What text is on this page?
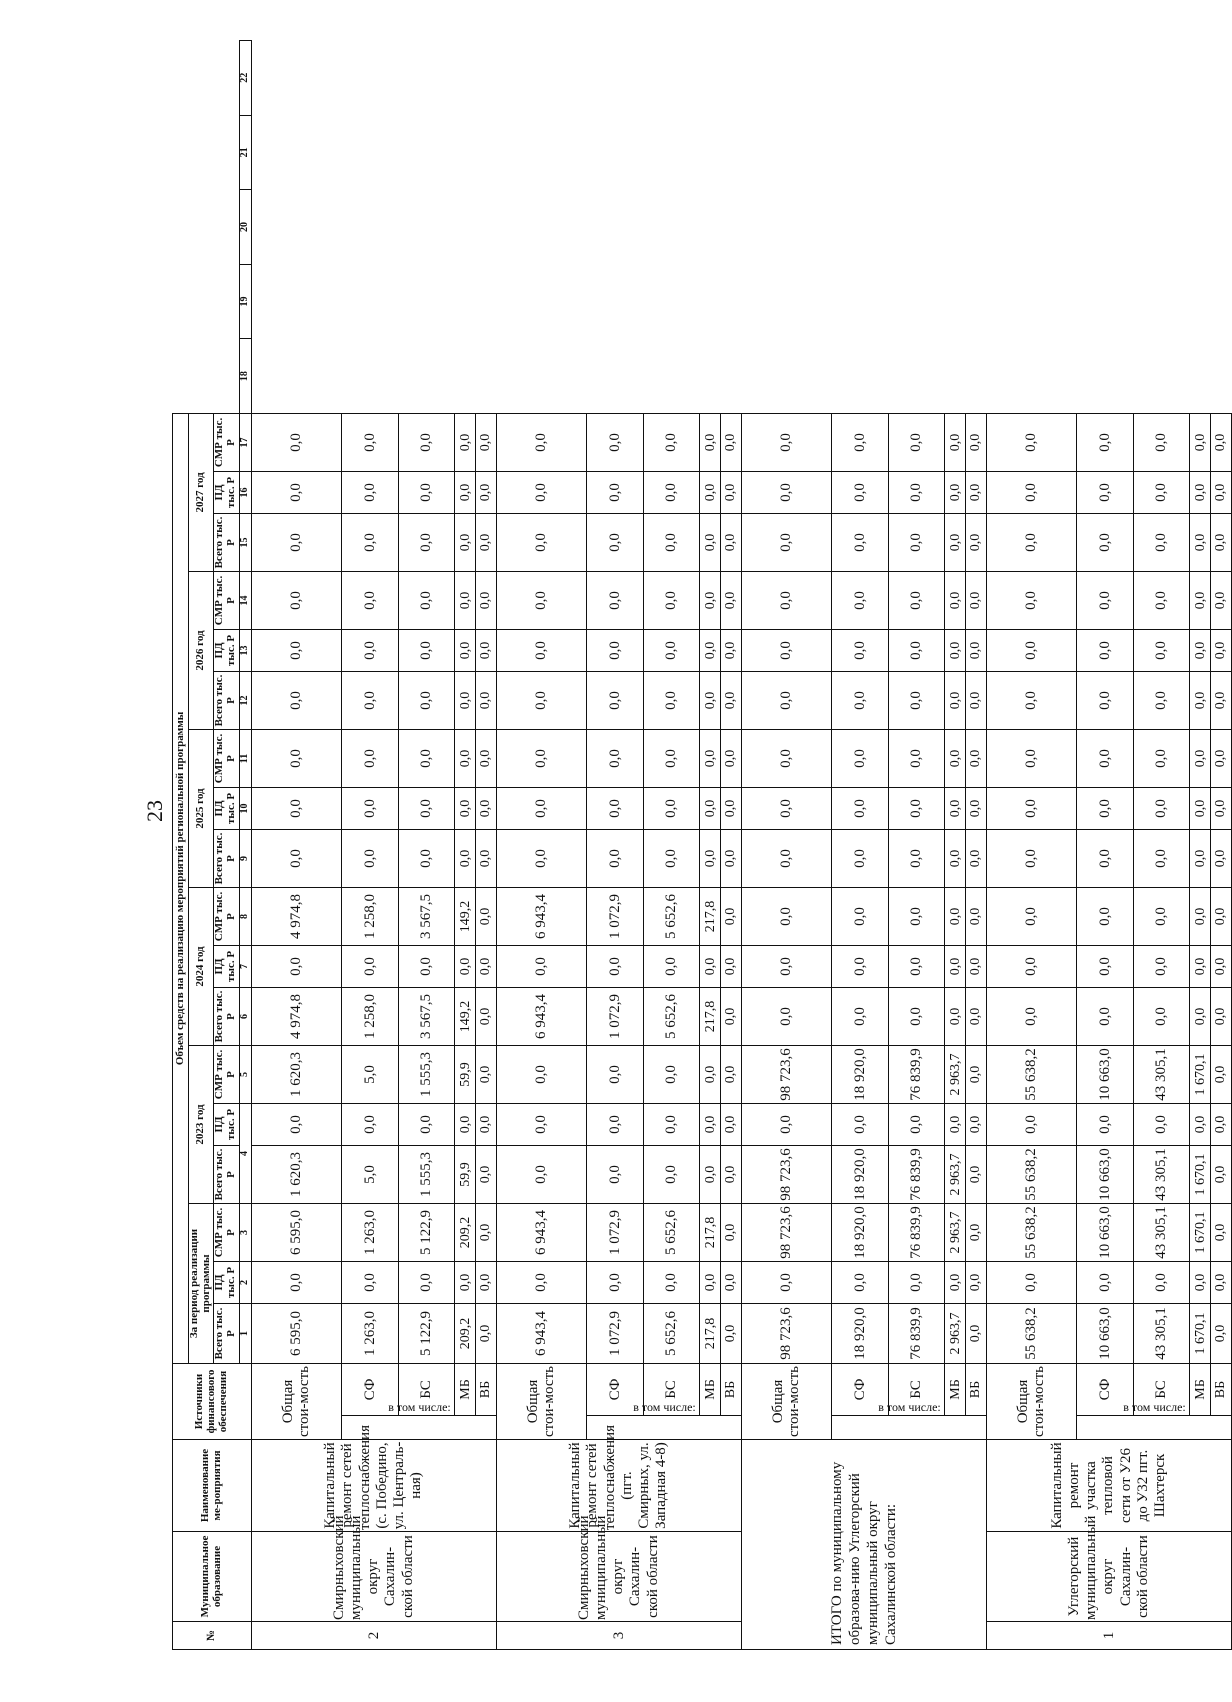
23
№	Муниципальное образование	Наименование ме-роприятия	Источники финансового обеспечения		Объем средств на реализацию мероприятий региональной программы																						
					За период реализации программы			2023 год			2024 год			2025 год			2026 год			2027 год							
					Всего тыс. Р	ПД тыс. Р	СМР тыс. Р	Всего тыс. Р	ПД тыс. Р	СМР тыс. Р	Всего тыс. Р	ПД тыс. Р	СМР тыс. Р	Всего тыс. Р	ПД тыс. Р	СМР тыс. Р	Всего тыс. Р	ПД тыс. Р	СМР тыс. Р	Всего тыс. Р	ПД тыс. Р	СМР тыс. Р					
					1	2	3	4		5	6	7	8	9	10	11	12	13	14	15	16	17	18	19	20	21	22
2	Смирныховский муниципальный округ Сахалин-ской области	Капитальный ремонт сетей теплоснабжения (с. Победино, ул. Централь-ная)	Общая стои-мость		6 595,0	0,0	6 595,0	1 620,3	0,0	1 620,3	4 974,8	0,0	4 974,8	0,0	0,0	0,0	0,0	0,0	0,0	0,0	0,0	0,0					
			в том числе:	СФ	1 263,0	0,0	1 263,0	5,0	0,0	5,0	1 258,0	0,0	1 258,0	0,0	0,0	0,0	0,0	0,0	0,0	0,0	0,0	0,0					
				БС	5 122,9	0,0	5 122,9	1 555,3	0,0	1 555,3	3 567,5	0,0	3 567,5	0,0	0,0	0,0	0,0	0,0	0,0	0,0	0,0	0,0					
				МБ	209,2	0,0	209,2	59,9	0,0	59,9	149,2	0,0	149,2	0,0	0,0	0,0	0,0	0,0	0,0	0,0	0,0	0,0					
				ВБ	0,0	0,0	0,0	0,0	0,0	0,0	0,0	0,0	0,0	0,0	0,0	0,0	0,0	0,0	0,0	0,0	0,0	0,0					
3	Смирныховский муниципальный округ Сахалин-ской области	Капитальный ремонт сетей теплоснабжения (пгт. Смирных, ул. Западная 4-8)	Общая стои-мость		6 943,4	0,0	6 943,4	0,0	0,0	0,0	6 943,4	0,0	6 943,4	0,0	0,0	0,0	0,0	0,0	0,0	0,0	0,0	0,0					
			в том числе:	СФ	1 072,9	0,0	1 072,9	0,0	0,0	0,0	1 072,9	0,0	1 072,9	0,0	0,0	0,0	0,0	0,0	0,0	0,0	0,0	0,0					
				БС	5 652,6	0,0	5 652,6	0,0	0,0	0,0	5 652,6	0,0	5 652,6	0,0	0,0	0,0	0,0	0,0	0,0	0,0	0,0	0,0					
				МБ	217,8	0,0	217,8	0,0	0,0	0,0	217,8	0,0	217,8	0,0	0,0	0,0	0,0	0,0	0,0	0,0	0,0	0,0					
				ВБ	0,0	0,0	0,0	0,0	0,0	0,0	0,0	0,0	0,0	0,0	0,0	0,0	0,0	0,0	0,0	0,0	0,0	0,0					
ИТОГО по муниципальному образова-нию Углегорский муниципальный округ Сахалинской области:			Общая стои-мость		98 723,6	0,0	98 723,6	98 723,6	0,0	98 723,6	0,0	0,0	0,0	0,0	0,0	0,0	0,0	0,0	0,0	0,0	0,0	0,0					
			в том числе:	СФ	18 920,0	0,0	18 920,0	18 920,0	0,0	18 920,0	0,0	0,0	0,0	0,0	0,0	0,0	0,0	0,0	0,0	0,0	0,0	0,0					
				БС	76 839,9	0,0	76 839,9	76 839,9	0,0	76 839,9	0,0	0,0	0,0	0,0	0,0	0,0	0,0	0,0	0,0	0,0	0,0	0,0					
				МБ	2 963,7	0,0	2 963,7	2 963,7	0,0	2 963,7	0,0	0,0	0,0	0,0	0,0	0,0	0,0	0,0	0,0	0,0	0,0	0,0					
				ВБ	0,0	0,0	0,0	0,0	0,0	0,0	0,0	0,0	0,0	0,0	0,0	0,0	0,0	0,0	0,0	0,0	0,0	0,0					
1	Углегорский муниципальный округ Сахалин-ской области	Капитальный ремонт участка тепловой сети от У26 до У32 пгт. Шахтерск	Общая стои-мость		55 638,2	0,0	55 638,2	55 638,2	0,0	55 638,2	0,0	0,0	0,0	0,0	0,0	0,0	0,0	0,0	0,0	0,0	0,0	0,0					
			в том числе:	СФ	10 663,0	0,0	10 663,0	10 663,0	0,0	10 663,0	0,0	0,0	0,0	0,0	0,0	0,0	0,0	0,0	0,0	0,0	0,0	0,0					
				БС	43 305,1	0,0	43 305,1	43 305,1	0,0	43 305,1	0,0	0,0	0,0	0,0	0,0	0,0	0,0	0,0	0,0	0,0	0,0	0,0					
				МБ	1 670,1	0,0	1 670,1	1 670,1	0,0	1 670,1	0,0	0,0	0,0	0,0	0,0	0,0	0,0	0,0	0,0	0,0	0,0	0,0					
				ВБ	0,0	0,0	0,0	0,0	0,0	0,0	0,0	0,0	0,0	0,0	0,0	0,0	0,0	0,0	0,0	0,0	0,0	0,0					
